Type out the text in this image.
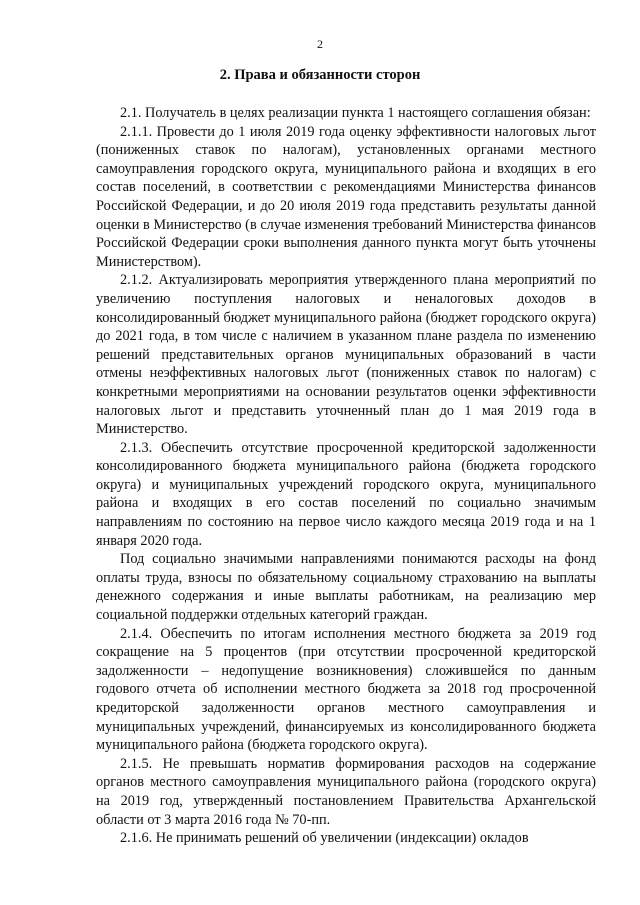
2
2. Права и обязанности сторон

2.1. Получатель в целях реализации пункта 1 настоящего соглашения обязан:

2.1.1. Провести до 1 июля 2019 года оценку эффективности налоговых льгот (пониженных ставок по налогам), установленных органами местного самоуправления городского округа, муниципального района и входящих в его состав поселений, в соответствии с рекомендациями Министерства финансов Российской Федерации, и до 20 июля 2019 года представить результаты данной оценки в Министерство (в случае изменения требований Министерства финансов Российской Федерации сроки выполнения данного пункта могут быть уточнены Министерством).

2.1.2. Актуализировать мероприятия утвержденного плана мероприятий по увеличению поступления налоговых и неналоговых доходов в консолидированный бюджет муниципального района (бюджет городского округа) до 2021 года, в том числе с наличием в указанном плане раздела по изменению решений представительных органов муниципальных образований в части отмены неэффективных налоговых льгот (пониженных ставок по налогам) с конкретными мероприятиями на основании результатов оценки эффективности налоговых льгот и представить уточненный план до 1 мая 2019 года в Министерство.

2.1.3. Обеспечить отсутствие просроченной кредиторской задолженности консолидированного бюджета муниципального района (бюджета городского округа) и муниципальных учреждений городского округа, муниципального района и входящих в его состав поселений по социально значимым направлениям по состоянию на первое число каждого месяца 2019 года и на 1 января 2020 года.

Под социально значимыми направлениями понимаются расходы на фонд оплаты труда, взносы по обязательному социальному страхованию на выплаты денежного содержания и иные выплаты работникам, на реализацию мер социальной поддержки отдельных категорий граждан.

2.1.4. Обеспечить по итогам исполнения местного бюджета за 2019 год сокращение на 5 процентов (при отсутствии просроченной кредиторской задолженности – недопущение возникновения) сложившейся по данным годового отчета об исполнении местного бюджета за 2018 год просроченной кредиторской задолженности органов местного самоуправления и муниципальных учреждений, финансируемых из консолидированного бюджета муниципального района (бюджета городского округа).

2.1.5. Не превышать норматив формирования расходов на содержание органов местного самоуправления муниципального района (городского округа) на 2019 год, утвержденный постановлением Правительства Архангельской области от 3 марта 2016 года № 70-пп.

2.1.6. Не принимать решений об увеличении (индексации) окладов
